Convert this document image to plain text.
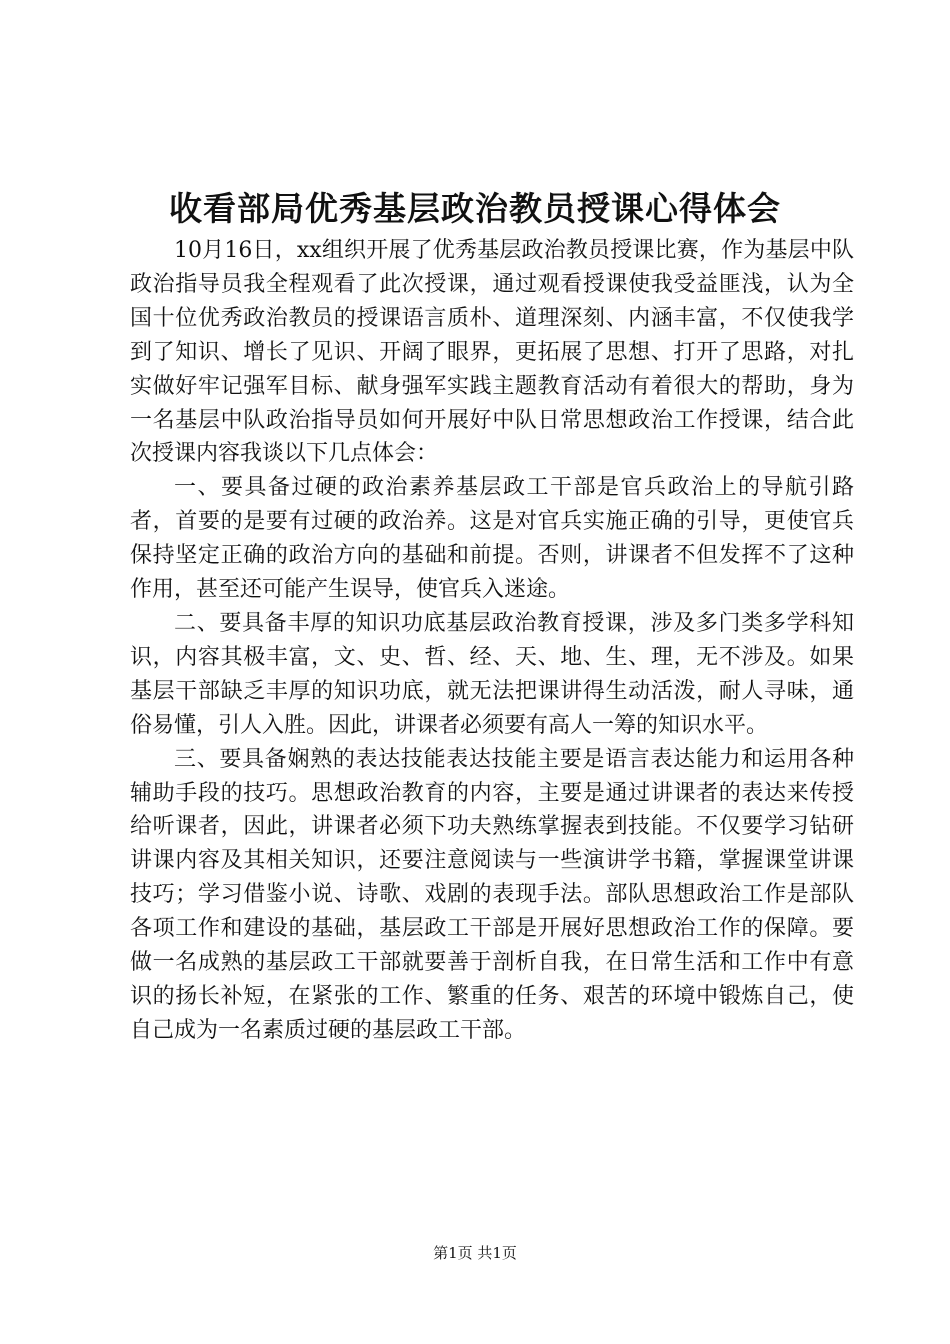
收看部局优秀基层政治教员授课心得体会

10月16日，xx组织开展了优秀基层政治教员授课比赛，作为基层中队政治指导员我全程观看了此次授课，通过观看授课使我受益匪浅，认为全国十位优秀政治教员的授课语言质朴、道理深刻、内涵丰富，不仅使我学到了知识、增长了见识、开阔了眼界，更拓展了思想、打开了思路，对扎实做好牢记强军目标、献身强军实践主题教育活动有着很大的帮助，身为一名基层中队政治指导员如何开展好中队日常思想政治工作授课，结合此次授课内容我谈以下几点体会：

一、要具备过硬的政治素养基层政工干部是官兵政治上的导航引路者，首要的是要有过硬的政治养。这是对官兵实施正确的引导，更使官兵保持坚定正确的政治方向的基础和前提。否则，讲课者不但发挥不了这种作用，甚至还可能产生误导，使官兵入迷途。

二、要具备丰厚的知识功底基层政治教育授课，涉及多门类多学科知识，内容其极丰富，文、史、哲、经、天、地、生、理，无不涉及。如果基层干部缺乏丰厚的知识功底，就无法把课讲得生动活泼，耐人寻味，通俗易懂，引人入胜。因此，讲课者必须要有高人一筹的知识水平。

三、要具备娴熟的表达技能表达技能主要是语言表达能力和运用各种辅助手段的技巧。思想政治教育的内容，主要是通过讲课者的表达来传授给听课者，因此，讲课者必须下功夫熟练掌握表到技能。不仅要学习钻研讲课内容及其相关知识，还要注意阅读与一些演讲学书籍，掌握课堂讲课技巧；学习借鉴小说、诗歌、戏剧的表现手法。部队思想政治工作是部队各项工作和建设的基础，基层政工干部是开展好思想政治工作的保障。要做一名成熟的基层政工干部就要善于剖析自我，在日常生活和工作中有意识的扬长补短，在紧张的工作、繁重的任务、艰苦的环境中锻炼自己，使自己成为一名素质过硬的基层政工干部。

第1页 共1页
